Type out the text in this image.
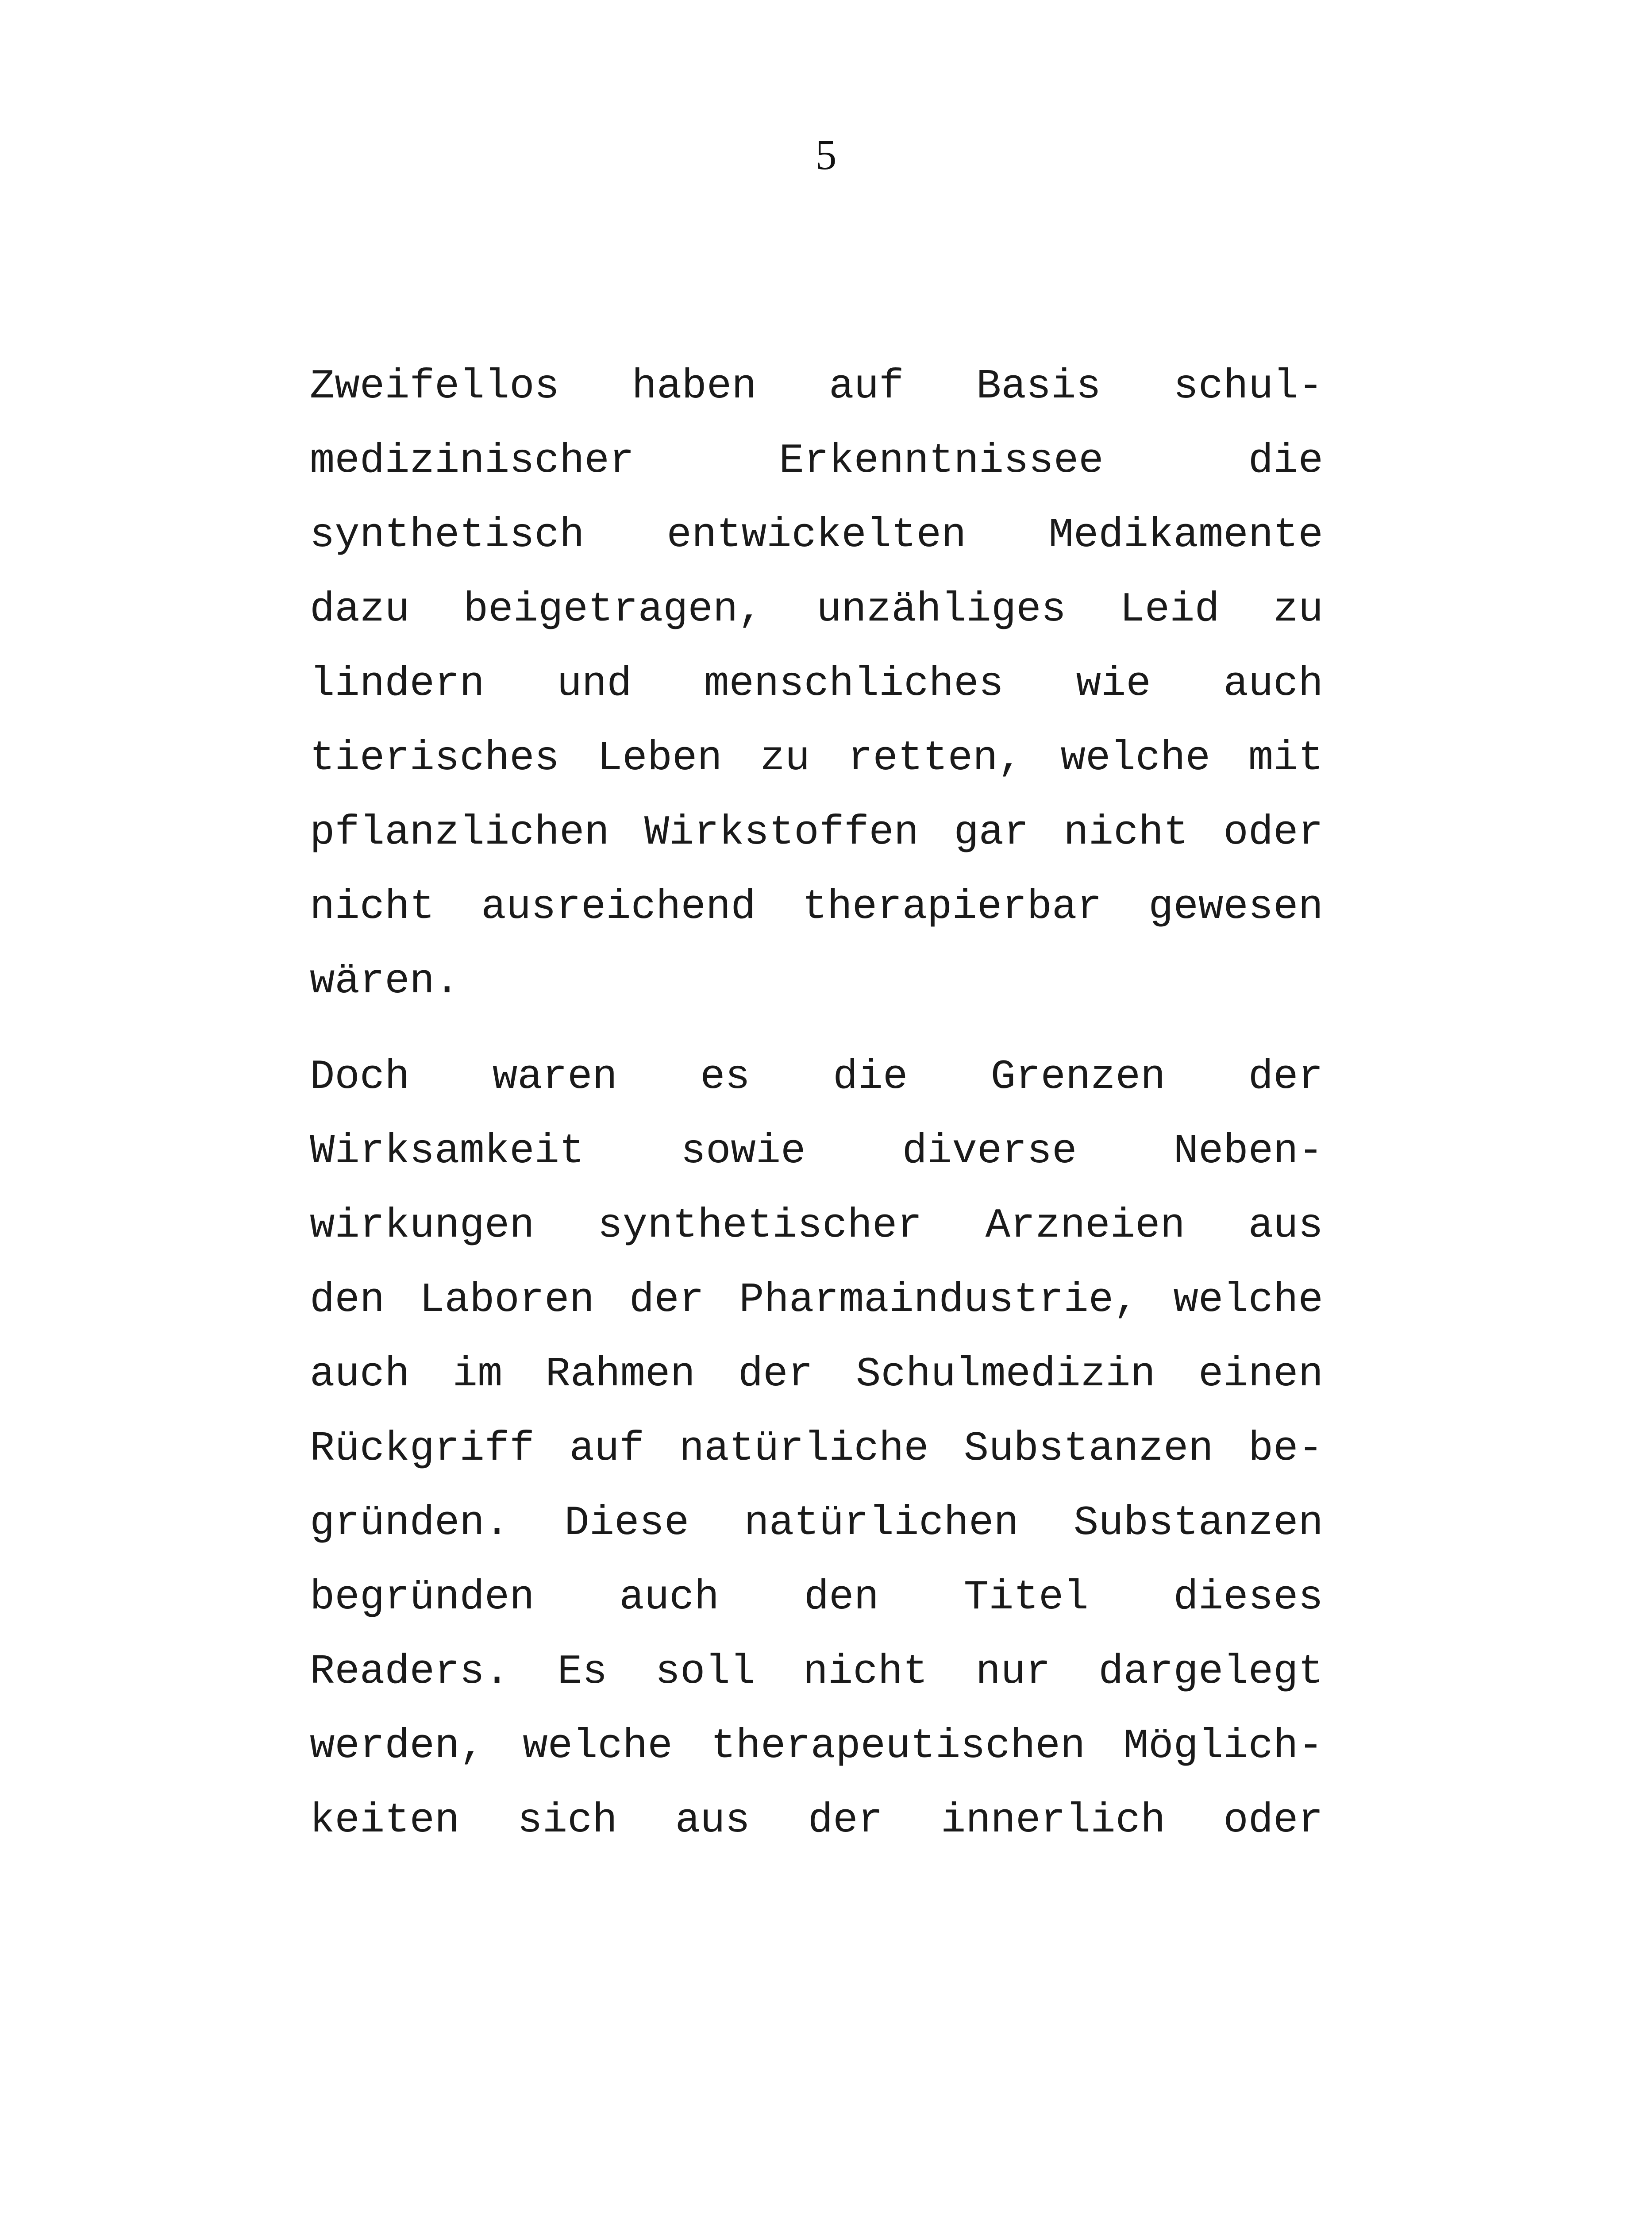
5
Zweifellos haben auf Basis schul-
medizinischer	Erkenntnissee	die
synthetisch entwickelten Medikamente
dazu beigetragen, unzähliges Leid zu
lindern und menschliches wie auch
tierisches Leben zu retten, welche mit
pflanzlichen Wirkstoffen gar nicht oder
nicht ausreichend therapierbar gewesen
wären.
Doch waren es die Grenzen der
Wirksamkeit sowie diverse Neben-
wirkungen synthetischer Arzneien aus
den Laboren der Pharmaindustrie, welche
auch im Rahmen der Schulmedizin einen
Rückgriff auf natürliche Substanzen be-
gründen. Diese natürlichen Substanzen
begründen auch den Titel dieses
Readers. Es soll nicht nur dargelegt
werden, welche therapeutischen Möglich-
keiten sich aus der innerlich oder
